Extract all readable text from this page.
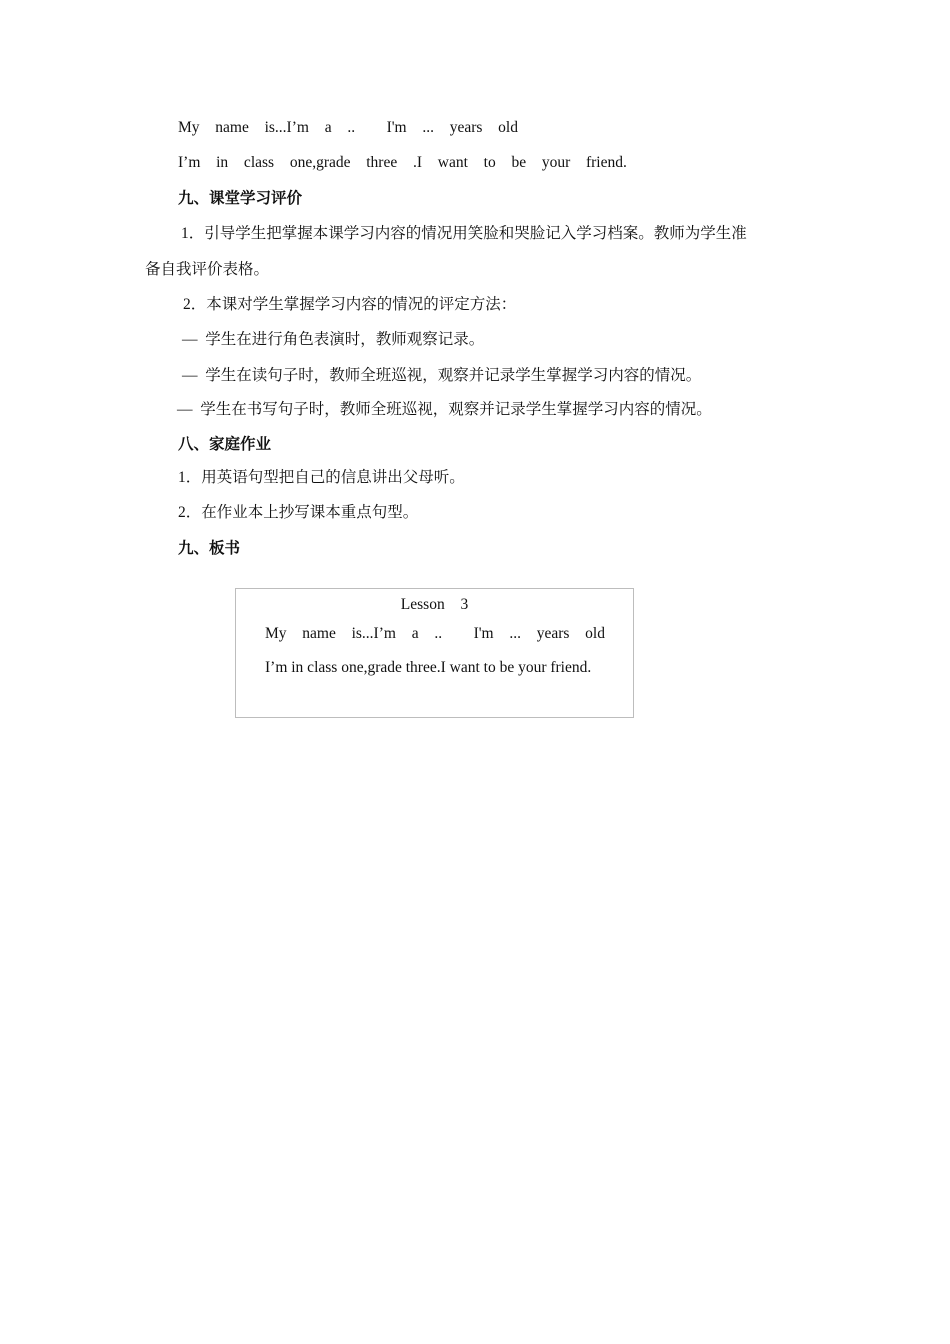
My  name  is...I’m  a  ..    I'm  ...  years  old
I’m  in  class  one,grade  three  .I  want  to  be  your  friend.
九、课堂学习评价
1．引导学生把掌握本课学习内容的情况用笑脸和哭脸记入学习档案。教师为学生准
备自我评价表格。
2．本课对学生掌握学习内容的情况的评定方法：
—  学生在进行角色表演时，教师观察记录。
—  学生在读句子时，教师全班巡视，观察并记录学生掌握学习内容的情况。
—  学生在书写句子时，教师全班巡视，观察并记录学生掌握学习内容的情况。
八、家庭作业
1．用英语句型把自己的信息讲出父母听。
2．在作业本上抄写课本重点句型。
九、板书
Lesson  3
My  name  is...I’m  a  ..    I'm  ...  years  old
I’m in class one,grade three.I want to be your friend.
